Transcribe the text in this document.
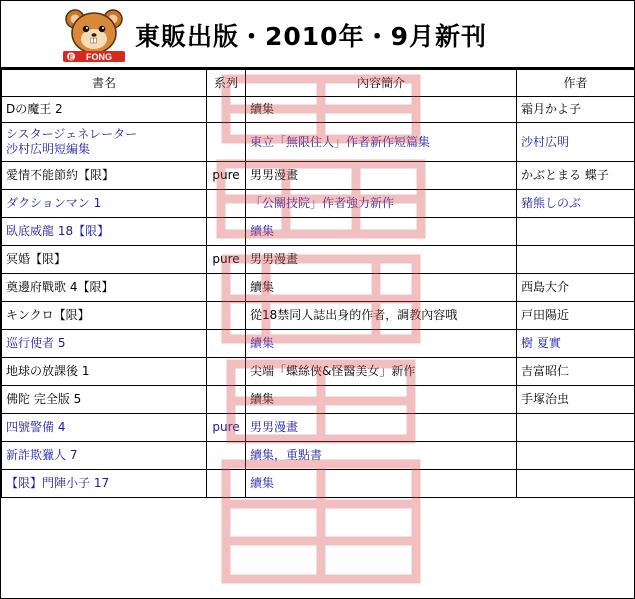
E FONG
東販出版・2010年・9月新刊
書名	系列	內容簡介	作者
Dの魔王 2		續集	霜月かよ子
シスタージェネレーター
沙村広明短編集		東立「無限住人」作者新作短篇集	沙村広明
愛情不能節約【限】	pure	男男漫畫	かぶとまる 蝶子
ダクションマン 1		「公關技院」作者強力新作	豬熊しのぶ
臥底威龍 18【限】		續集	
冥婚【限】	pure	男男漫畫	
奠邊府戰歌 4【限】		續集	西島大介
キンクロ【限】		從18禁同人誌出身的作者，調教內容哦	戸田陽近
巡行使者 5		續集	樹 夏實
地球の放課後 1		尖端「蝶絲俠&怪醫美女」新作	吉富昭仁
佛陀 完全版 5		續集	手塚治虫
四號警備 4	pure	男男漫畫	
新詐欺獵人 7		續集，重點書	
【限】門陣小子 17		續集	
